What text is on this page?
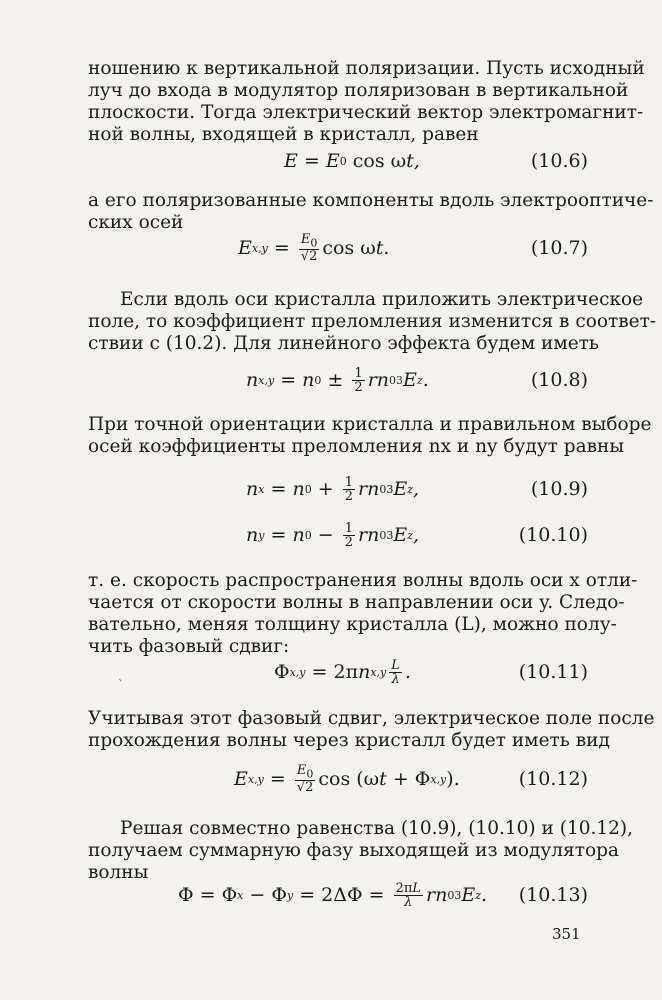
ношению к вертикальной поляризации. Пусть исходный
луч до входа в модулятор поляризован в вертикальной
плоскости. Тогда электрический вектор электромагнит-
ной волны, входящей в кристалл, равен

E = E 0 cos ω t,	(10.6)

а его поляризованные компоненты вдоль электрооптиче-
ских осей

E $x,y = \frac{E_0}{√2}$ cos ω t.	(10.7)

Если вдоль оси кристалла приложить электрическое
поле, то коэффициент преломления изменится в соответ-
ствии с (10.2). Для линейного эффекта будем иметь

n x,y = n $0 \pm \frac{1}{2}$ rn 0 3 E z .	(10.8)

При точной ориентации кристалла и правильном выборе
осей коэффициенты преломления nx и ny будут равны

n x = n $0 + \frac{1}{2}$ rn 0 3 E z ,	(10.9)
n y = n $0 - \frac{1}{2}$ rn 0 3 E z ,	(10.10)

т. е. скорость распространения волны вдоль оси x отли-
чается от скорости волны в направлении оси y. Следо-
вательно, меняя толщину кристалла (L), можно полу-
чить фазовый сдвиг:

Φ x,y = 2π n $x,y \frac{L}{\lambda}$ .	(10.11)
ˋ

Учитывая этот фазовый сдвиг, электрическое поле после
прохождения волны через кристалл будет иметь вид

E $x,y = \frac{E_0}{√2}$ cos (ω t + Φ x,y ).	(10.12)

Решая совместно равенства (10.9), (10.10) и (10.12),
получаем суммарную фазу выходящей из модулятора
волны

Φ = Φ x − Φ $y = 2\Delta\Phi = \frac{2\pi L}{\lambda}$ rn 0 3 E z . (10.13)
351
